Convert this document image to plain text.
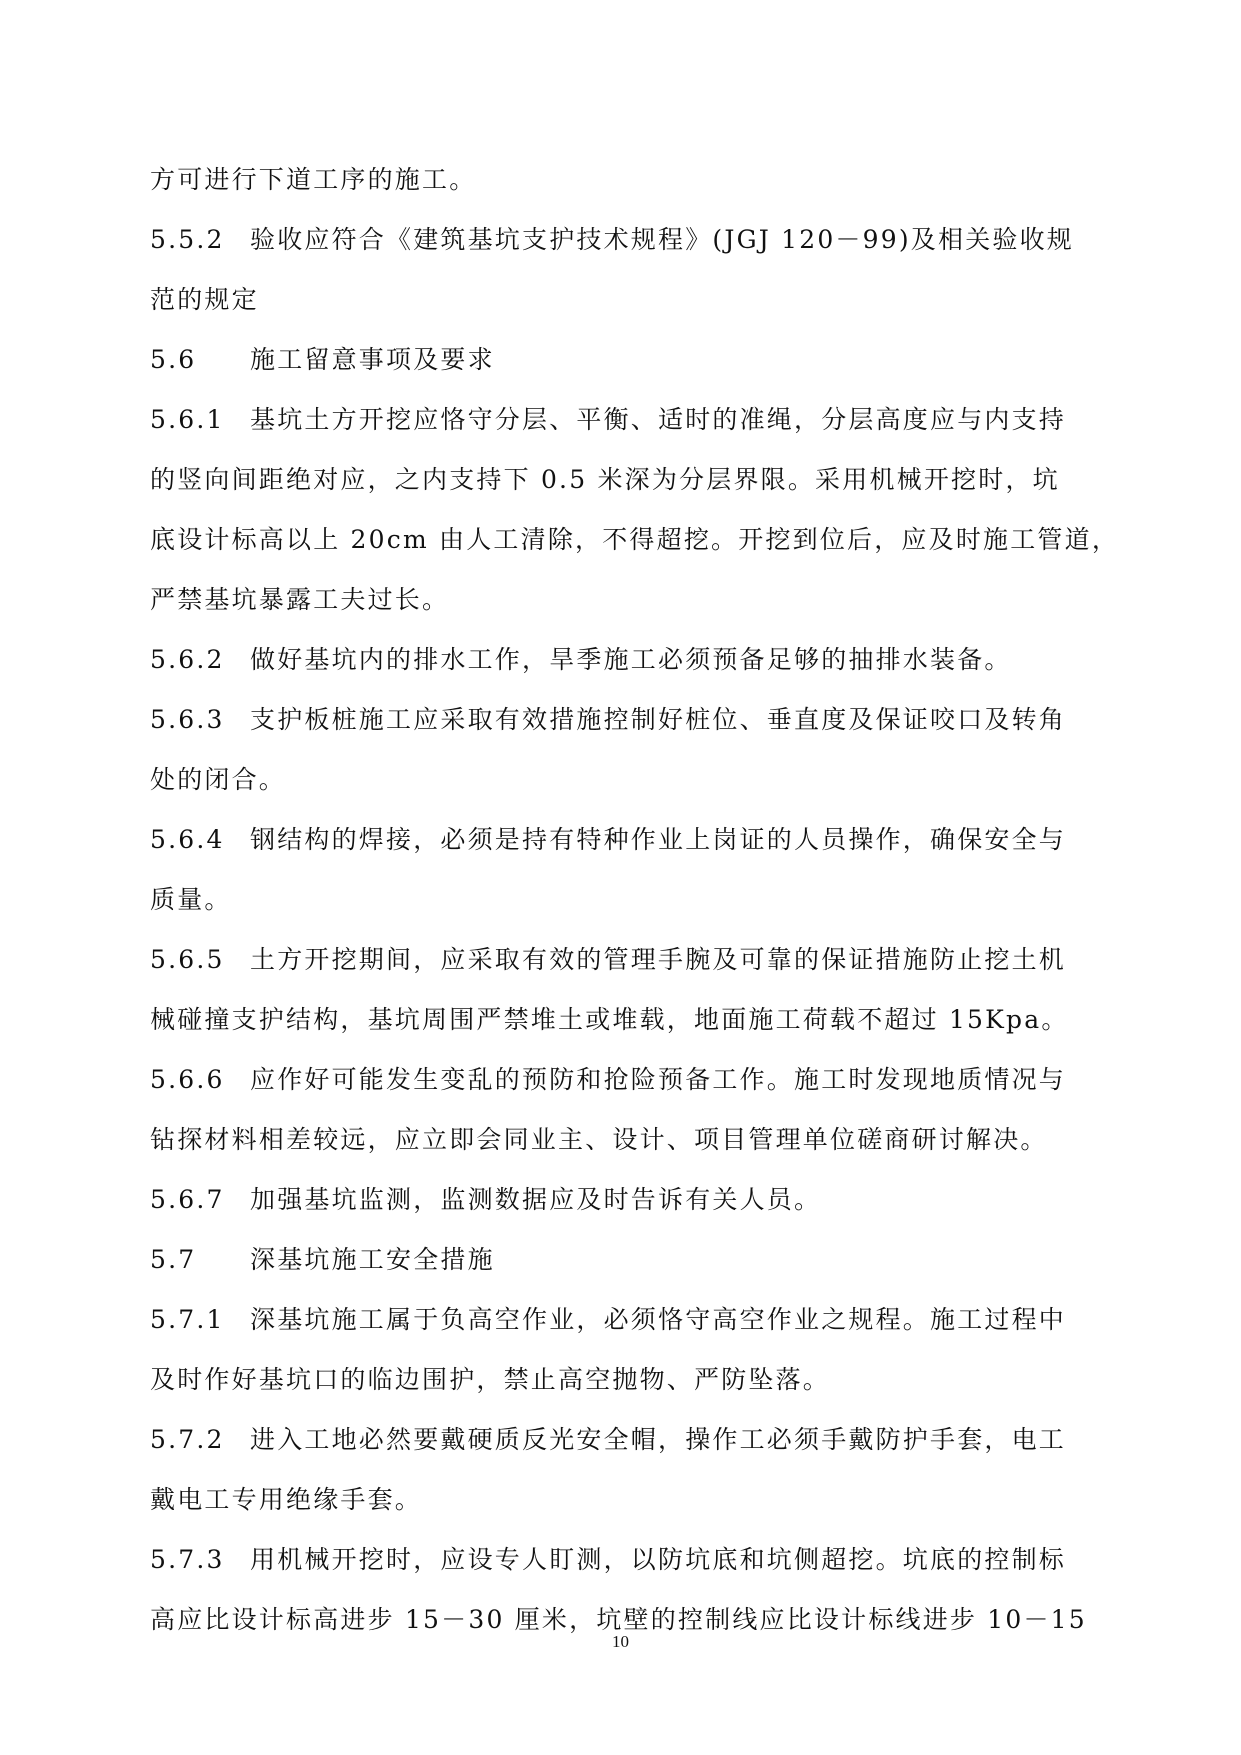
方可进行下道工序的施工。
5.5.2 验收应符合《建筑基坑支护技术规程》(JGJ 120－99)及相关验收规
范的规定
5.6 施工留意事项及要求
5.6.1 基坑土方开挖应恪守分层、平衡、适时的准绳，分层高度应与内支持
的竖向间距绝对应，之内支持下 0.5 米深为分层界限。采用机械开挖时，坑
底设计标高以上 20cm 由人工清除，不得超挖。开挖到位后，应及时施工管道，
严禁基坑暴露工夫过长。
5.6.2 做好基坑内的排水工作，旱季施工必须预备足够的抽排水装备。
5.6.3 支护板桩施工应采取有效措施控制好桩位、垂直度及保证咬口及转角
处的闭合。
5.6.4 钢结构的焊接，必须是持有特种作业上岗证的人员操作，确保安全与
质量。
5.6.5 土方开挖期间，应采取有效的管理手腕及可靠的保证措施防止挖土机
械碰撞支护结构，基坑周围严禁堆土或堆载，地面施工荷载不超过 15Kpa。
5.6.6 应作好可能发生变乱的预防和抢险预备工作。施工时发现地质情况与
钻探材料相差较远，应立即会同业主、设计、项目管理单位磋商研讨解决。
5.6.7 加强基坑监测，监测数据应及时告诉有关人员。
5.7 深基坑施工安全措施
5.7.1 深基坑施工属于负高空作业，必须恪守高空作业之规程。施工过程中
及时作好基坑口的临边围护，禁止高空抛物、严防坠落。
5.7.2 进入工地必然要戴硬质反光安全帽，操作工必须手戴防护手套，电工
戴电工专用绝缘手套。
5.7.3 用机械开挖时，应设专人盯测，以防坑底和坑侧超挖。坑底的控制标
高应比设计标高进步 15－30 厘米，坑壁的控制线应比设计标线进步 10－15
10
